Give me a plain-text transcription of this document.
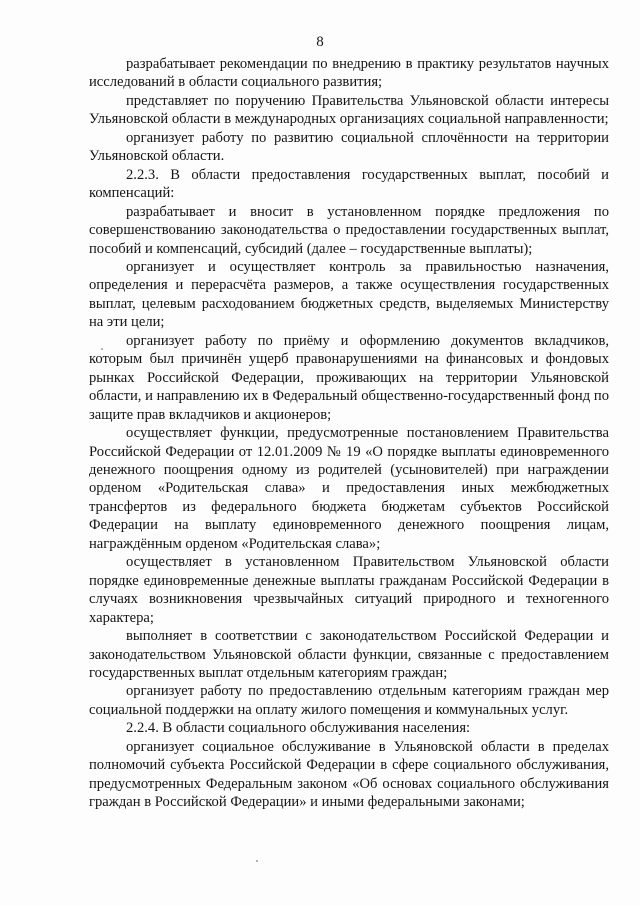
8

разрабатывает рекомендации по внедрению в практику результатов научных исследований в области социального развития;

представляет по поручению Правительства Ульяновской области интересы Ульяновской области в международных организациях социальной направленности;

организует работу по развитию социальной сплочённости на территории Ульяновской области.

2.2.3. В области предоставления государственных выплат, пособий и компенсаций:

разрабатывает и вносит в установленном порядке предложения по совершенствованию законодательства о предоставлении государственных выплат, пособий и компенсаций, субсидий (далее – государственные выплаты);

организует и осуществляет контроль за правильностью назначения, определения и перерасчёта размеров, а также осуществления государственных выплат, целевым расходованием бюджетных средств, выделяемых Министерству на эти цели;

организует работу по приёму и оформлению документов вкладчиков, которым был причинён ущерб правонарушениями на финансовых и фондовых рынках Российской Федерации, проживающих на территории Ульяновской области, и направлению их в Федеральный общественно-государственный фонд по защите прав вкладчиков и акционеров;

осуществляет функции, предусмотренные постановлением Правительства Российской Федерации от 12.01.2009 № 19 «О порядке выплаты единовременного денежного поощрения одному из родителей (усыновителей) при награждении орденом «Родительская слава» и предоставления иных межбюджетных трансфертов из федерального бюджета бюджетам субъектов Российской Федерации на выплату единовременного денежного поощрения лицам, награждённым орденом «Родительская слава»;

осуществляет в установленном Правительством Ульяновской области порядке единовременные денежные выплаты гражданам Российской Федерации в случаях возникновения чрезвычайных ситуаций природного и техногенного характера;

выполняет в соответствии с законодательством Российской Федерации и законодательством Ульяновской области функции, связанные с предоставлением государственных выплат отдельным категориям граждан;

организует работу по предоставлению отдельным категориям граждан мер социальной поддержки на оплату жилого помещения и коммунальных услуг.

2.2.4. В области социального обслуживания населения:

организует социальное обслуживание в Ульяновской области в пределах полномочий субъекта Российской Федерации в сфере социального обслуживания, предусмотренных Федеральным законом «Об основах социального обслуживания граждан в Российской Федерации» и иными федеральными законами;
